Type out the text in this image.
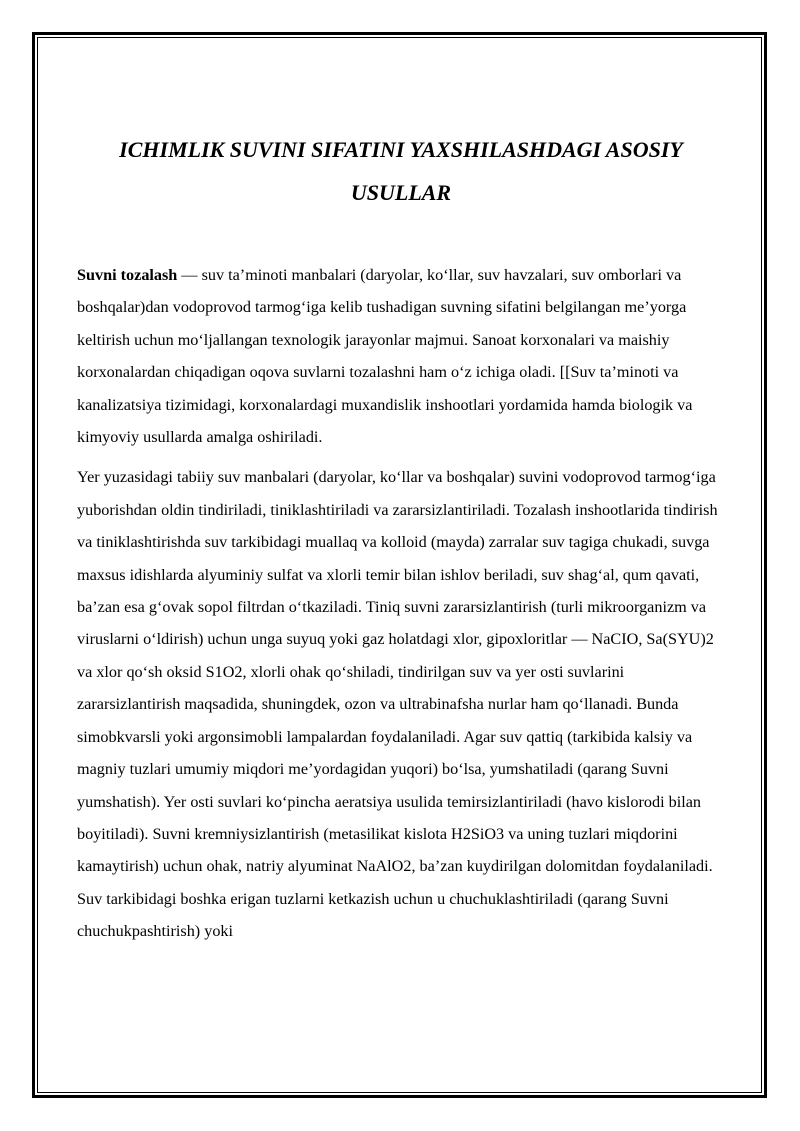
ICHIMLIK SUVINI SIFATINI YAXSHILASHDAGI ASOSIY USULLAR

Suvni tozalash — suv ta’minoti manbalari (daryolar, ko‘llar, suv havzalari, suv omborlari va boshqalar)dan vodoprovod tarmog‘iga kelib tushadigan suvning sifatini belgilangan me’yorga keltirish uchun mo‘ljallangan texnologik jarayonlar majmui. Sanoat korxonalari va maishiy korxonalardan chiqadigan oqova suvlarni tozalashni ham o‘z ichiga oladi. [[Suv ta’minoti va kanalizatsiya tizimidagi, korxonalardagi muxandislik inshootlari yordamida hamda biologik va kimyoviy usullarda amalga oshiriladi.

Yer yuzasidagi tabiiy suv manbalari (daryolar, ko‘llar va boshqalar) suvini vodoprovod tarmog‘iga yuborishdan oldin tindiriladi, tiniklashtiriladi va zararsizlantiriladi. Tozalash inshootlarida tindirish va tiniklashtirishda suv tarkibidagi muallaq va kolloid (mayda) zarralar suv tagiga chukadi, suvga maxsus idishlarda alyuminiy sulfat va xlorli temir bilan ishlov beriladi, suv shag‘al, qum qavati, ba’zan esa g‘ovak sopol filtrdan o‘tkaziladi. Tiniq suvni zararsizlantirish (turli mikroorganizm va viruslarni o‘ldirish) uchun unga suyuq yoki gaz holatdagi xlor, gipoxloritlar — NaCIO, Sa(SYU)2 va xlor qo‘sh oksid S1O2, xlorli ohak qo‘shiladi, tindirilgan suv va yer osti suvlarini zararsizlantirish maqsadida, shuningdek, ozon va ultrabinafsha nurlar ham qo‘llanadi. Bunda simobkvarsli yoki argonsimobli lampalardan foydalaniladi. Agar suv qattiq (tarkibida kalsiy va magniy tuzlari umumiy miqdori me’yordagidan yuqori) bo‘lsa, yumshatiladi (qarang Suvni yumshatish). Yer osti suvlari ko‘pincha aeratsiya usulida temirsizlantiriladi (havo kislorodi bilan boyitiladi). Suvni kremniysizlantirish (metasilikat kislota H2SiO3 va uning tuzlari miqdorini kamaytirish) uchun ohak, natriy alyuminat NaAlO2, ba’zan kuydirilgan dolomitdan foydalaniladi. Suv tarkibidagi boshka erigan tuzlarni ketkazish uchun u chuchuklashtiriladi (qarang Suvni chuchukpashtirish) yoki
